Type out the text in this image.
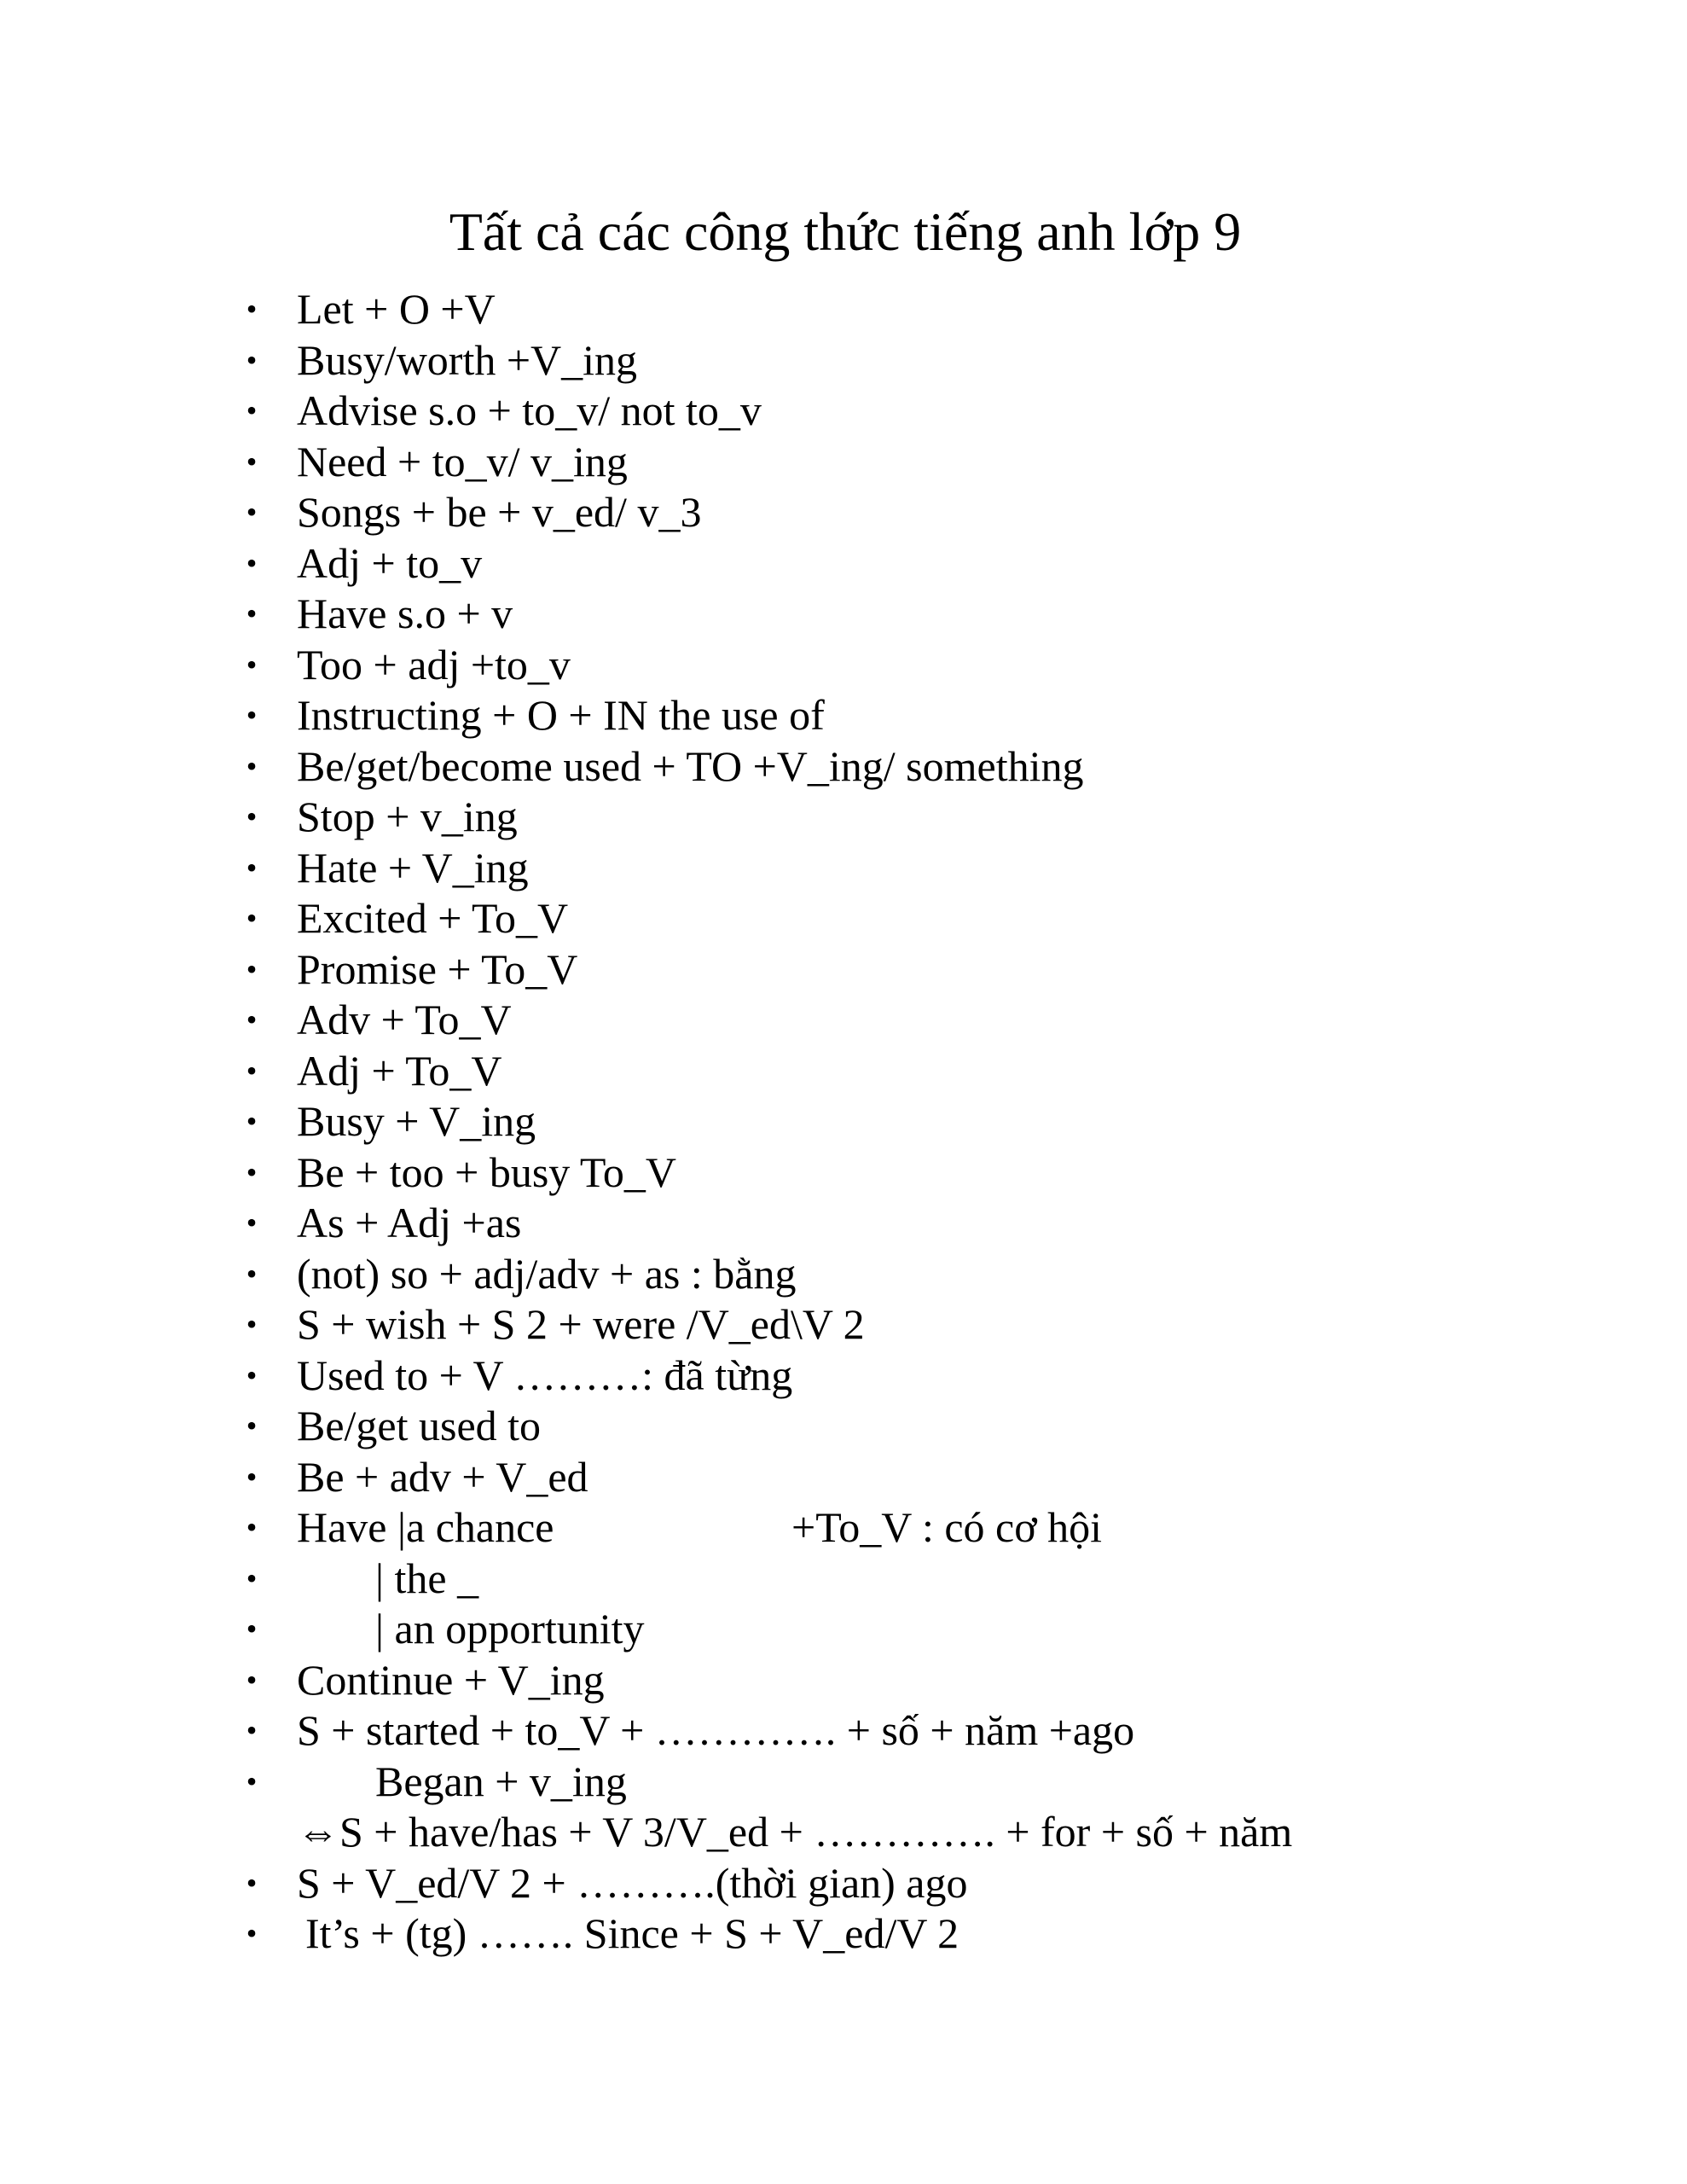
Tất cả các công thức tiếng anh lớp 9
• Let + O +V
• Busy/worth +V_ing
• Advise s.o + to_v/ not to_v
• Need + to_v/ v_ing
• Songs + be + v_ed/ v_3
• Adj + to_v
• Have s.o + v
• Too + adj +to_v
• Instructing + O + IN the use of
• Be/get/become used + TO +V_ing/ something
• Stop + v_ing
• Hate + V_ing
• Excited + To_V
• Promise + To_V
• Adv + To_V
• Adj + To_V
• Busy + V_ing
• Be + too + busy To_V
• As + Adj +as
• (not) so + adj/adv + as : bằng
• S + wish + S 2 + were /V_ed\V 2
• Used to + V ………: đã từng
• Be/get used to
• Be + adv + V_ed
• Have |a chance	+To_V : có cơ hội
•	| the _
•	| an opportunity
• Continue + V_ing
• S + started + to_V + …………. + số + năm +ago
•	Began + v_ing
⇔S + have/has + V 3/V_ed + …………. + for + số + năm
• S + V_ed/V 2 + ……….(thời gian) ago
• It’s + (tg) ……. Since + S + V_ed/V 2
